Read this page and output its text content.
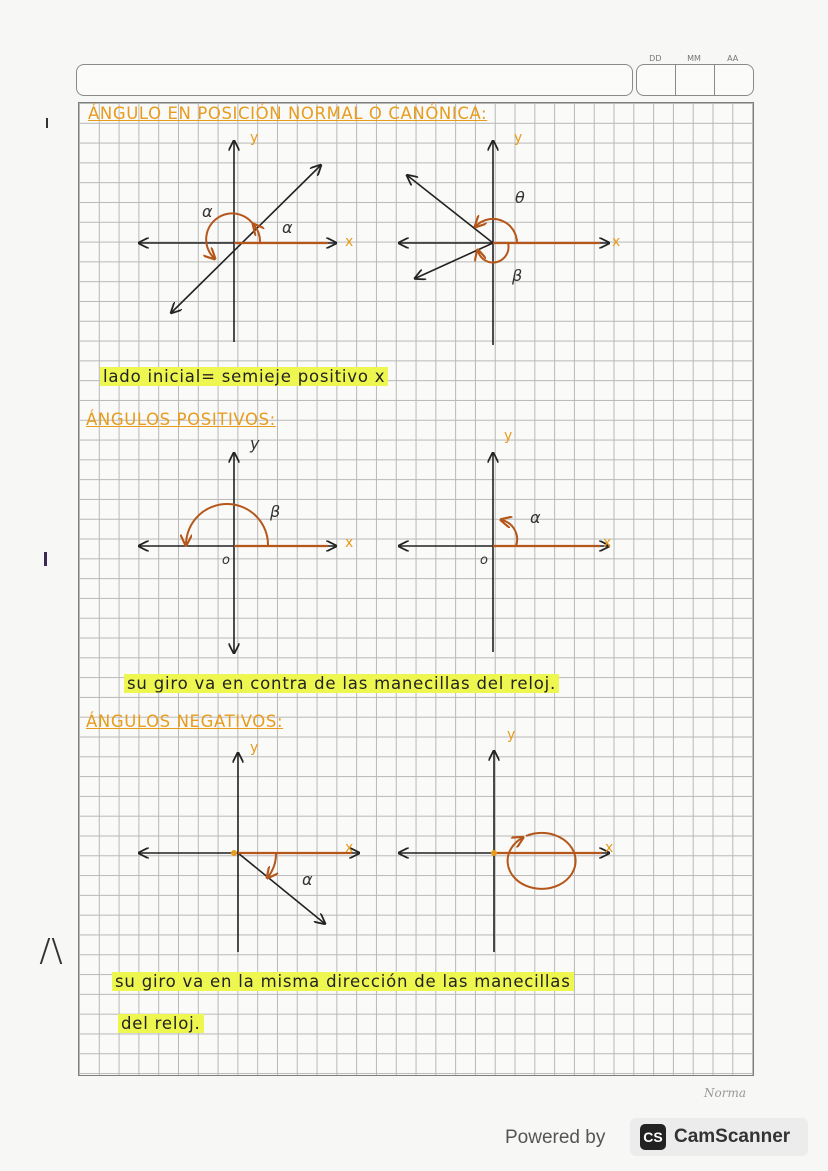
DD	MM	AA
ÁNGULO EN POSICIÓN NORMAL O CANÓNICA:
y
x
α
α
y
x
θ
β
lado inicial= semieje positivo x
ÁNGULOS POSITIVOS:
y
x
o
β
y
x
o
α
su giro va en contra de las manecillas del reloj.
ÁNGULOS NEGATIVOS:
y
x
α
y
x
su giro va en la misma dirección de las manecillas
del reloj.
Norma
Powered by	CS CamScanner
